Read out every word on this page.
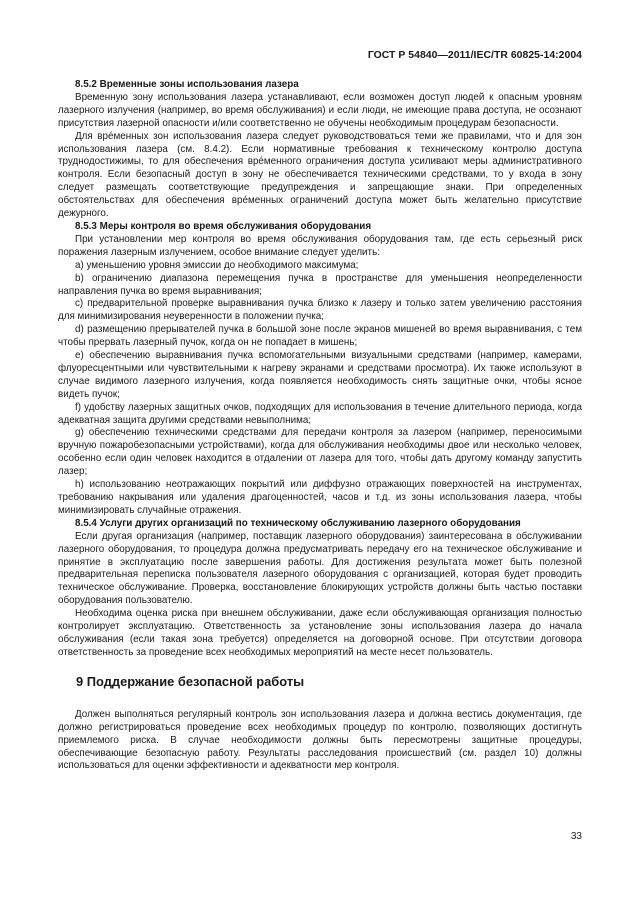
ГОСТ Р 54840—2011/IEC/TR 60825-14:2004

8.5.2 Временные зоны использования лазера

Временную зону использования лазера устанавливают, если возможен доступ людей к опасным уровням лазерного излучения (например, во время обслуживания) и если люди, не имеющие права доступа, не осознают присутствия лазерной опасности и/или соответственно не обучены необходимым процедурам безопасности.

Для врéменных зон использования лазера следует руководствоваться теми же правилами, что и для зон использования лазера (см. 8.4.2). Если нормативные требования к техническому контролю доступа труднодостижимы, то для обеспечения врéменного ограничения доступа усиливают меры административного контроля. Если безопасный доступ в зону не обеспечивается техническими средствами, то у входа в зону следует размещать соответствующие предупреждения и запрещающие знаки. При определенных обстоятельствах для обеспечения врéменных ограничений доступа может быть желательно присутствие дежурного.

8.5.3 Меры контроля во время обслуживания оборудования

При установлении мер контроля во время обслуживания оборудования там, где есть серьезный риск поражения лазерным излучением, особое внимание следует уделить:

a) уменьшению уровня эмиссии до необходимого максимума;

b) ограничению диапазона перемещения пучка в пространстве для уменьшения неопределенности направления пучка во время выравнивания;

c) предварительной проверке выравнивания пучка близко к лазеру и только затем увеличению расстояния для минимизирования неуверенности в положении пучка;

d) размещению прерывателей пучка в большой зоне после экранов мишеней во время выравнивания, с тем чтобы прервать лазерный пучок, когда он не попадает в мишень;

e) обеспечению выравнивания пучка вспомогательными визуальными средствами (например, камерами, флуоресцентными или чувствительными к нагреву экранами и средствами просмотра). Их также используют в случае видимого лазерного излучения, когда появляется необходимость снять защитные очки, чтобы ясное видеть пучок;

f) удобству лазерных защитных очков, подходящих для использования в течение длительного периода, когда адекватная защита другими средствами невыполнима;

g) обеспечению техническими средствами для передачи контроля за лазером (например, переносимыми вручную пожаробезопасными устройствами), когда для обслуживания необходимы двое или несколько человек, особенно если один человек находится в отдалении от лазера для того, чтобы дать другому команду запустить лазер;

h) использованию неотражающих покрытий или диффузно отражающих поверхностей на инструментах, требованию накрывания или удаления драгоценностей, часов и т.д. из зоны использования лазера, чтобы минимизировать случайные отражения.

8.5.4 Услуги других организаций по техническому обслуживанию лазерного оборудования

Если другая организация (например, поставщик лазерного оборудования) заинтересована в обслуживании лазерного оборудования, то процедура должна предусматривать передачу его на техническое обслуживание и принятие в эксплуатацию после завершения работы. Для достижения результата может быть полезной предварительная переписка пользователя лазерного оборудования с организацией, которая будет проводить техническое обслуживание. Проверка, восстановление блокирующих устройств должны быть частью поставки оборудования пользователю.

Необходима оценка риска при внешнем обслуживании, даже если обслуживающая организация полностью контролирует эксплуатацию. Ответственность за установление зоны использования лазера до начала обслуживания (если такая зона требуется) определяется на договорной основе. При отсутствии договора ответственность за проведение всех необходимых мероприятий на месте несет пользователь.

9 Поддержание безопасной работы

Должен выполняться регулярный контроль зон использования лазера и должна вестись документация, где должно регистрироваться проведение всех необходимых процедур по контролю, позволяющих достигнуть приемлемого риска. В случае необходимости должны быть пересмотрены защитные процедуры, обеспечивающие безопасную работу. Результаты расследования происшествий (см. раздел 10) должны использоваться для оценки эффективности и адекватности мер контроля.

33
